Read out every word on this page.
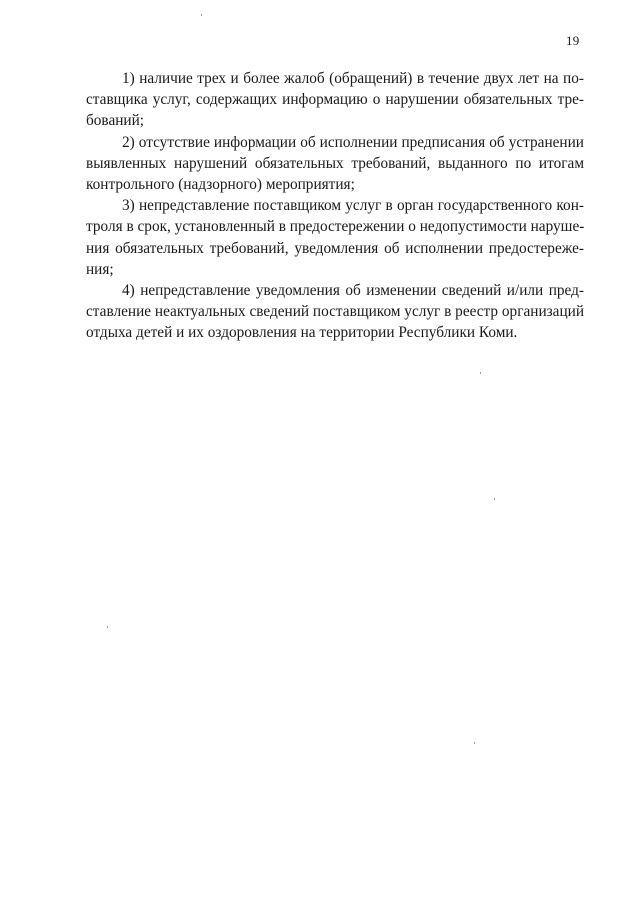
19

1) наличие трех и более жалоб (обращений) в течение двух лет на по-
ставщика услуг, содержащих информацию о нарушении обязательных тре-
бований;

2) отсутствие информации об исполнении предписания об устранении
выявленных нарушений обязательных требований, выданного по итогам
контрольного (надзорного) мероприятия;

3) непредставление поставщиком услуг в орган государственного кон-
троля в срок, установленный в предостережении о недопустимости наруше-
ния обязательных требований, уведомления об исполнении предостереже-
ния;

4) непредставление уведомления об изменении сведений и/или пред-
ставление неактуальных сведений поставщиком услуг в реестр организаций
отдыха детей и их оздоровления на территории Республики Коми.
